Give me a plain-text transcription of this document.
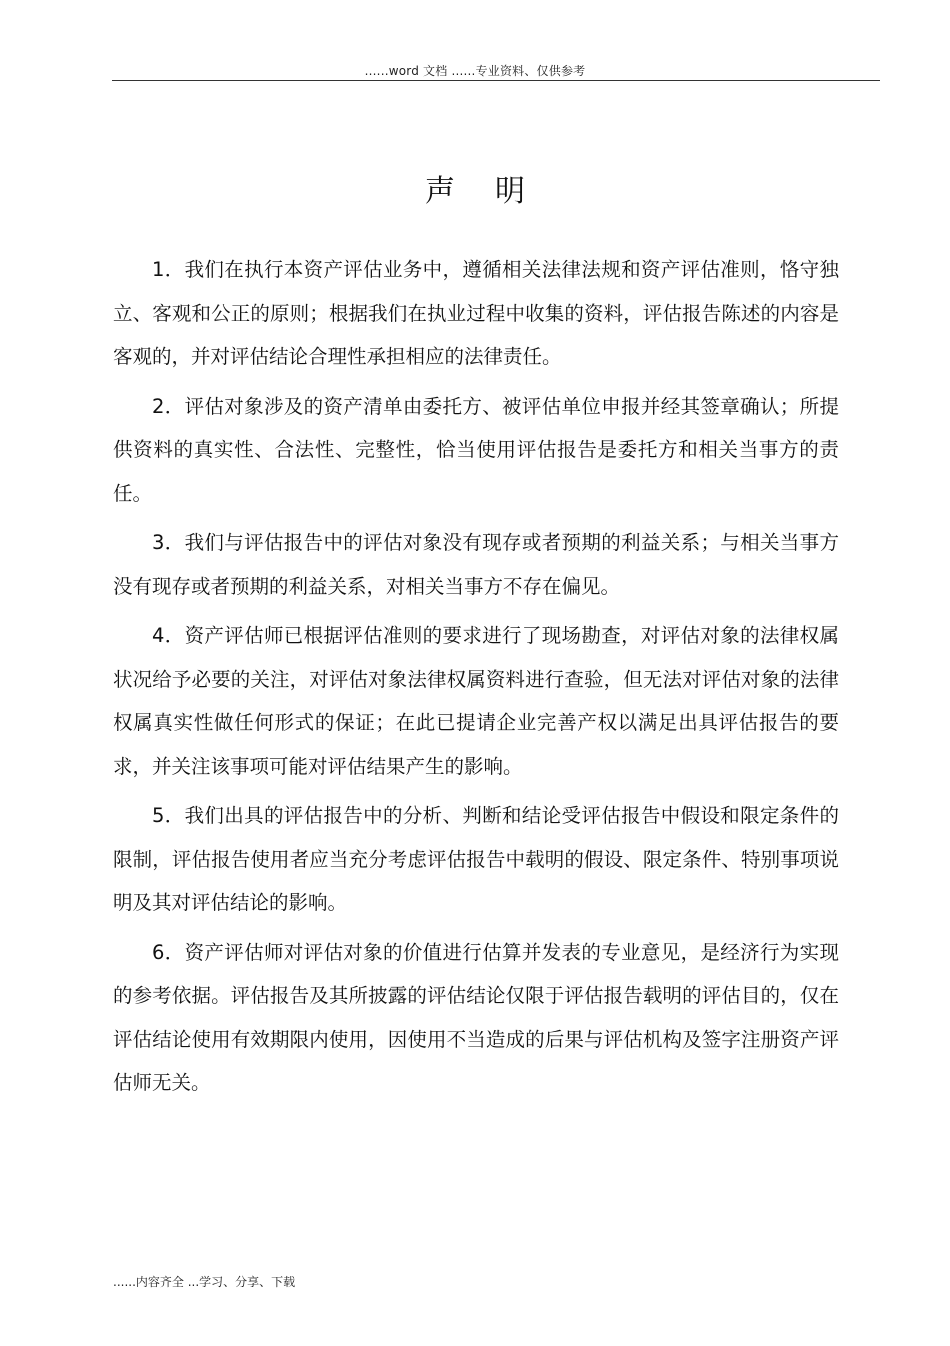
......word 文档 ......专业资料、仅供参考
声明

1．我们在执行本资产评估业务中，遵循相关法律法规和资产评估准则，恪守独立、客观和公正的原则；根据我们在执业过程中收集的资料，评估报告陈述的内容是客观的，并对评估结论合理性承担相应的法律责任。

2．评估对象涉及的资产清单由委托方、被评估单位申报并经其签章确认；所提供资料的真实性、合法性、完整性，恰当使用评估报告是委托方和相关当事方的责任。

3．我们与评估报告中的评估对象没有现存或者预期的利益关系；与相关当事方没有现存或者预期的利益关系，对相关当事方不存在偏见。

4．资产评估师已根据评估准则的要求进行了现场勘查，对评估对象的法律权属状况给予必要的关注，对评估对象法律权属资料进行查验，但无法对评估对象的法律权属真实性做任何形式的保证；在此已提请企业完善产权以满足出具评估报告的要求，并关注该事项可能对评估结果产生的影响。

5．我们出具的评估报告中的分析、判断和结论受评估报告中假设和限定条件的限制，评估报告使用者应当充分考虑评估报告中载明的假设、限定条件、特别事项说明及其对评估结论的影响。

6．资产评估师对评估对象的价值进行估算并发表的专业意见，是经济行为实现的参考依据。评估报告及其所披露的评估结论仅限于评估报告载明的评估目的，仅在评估结论使用有效期限内使用，因使用不当造成的后果与评估机构及签字注册资产评估师无关。

......内容齐全 ...学习、分享、下载
